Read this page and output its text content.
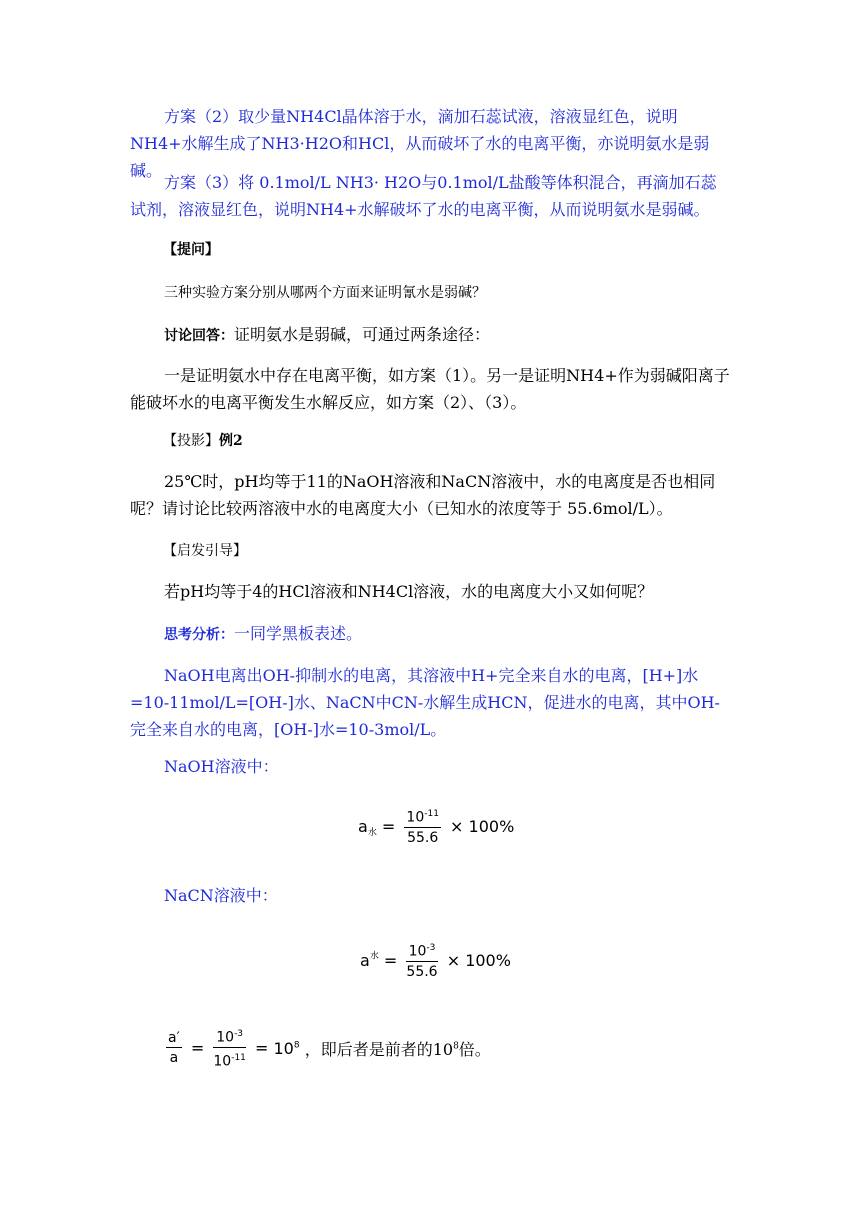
方案（2）取少量NH4Cl晶体溶于水，滴加石蕊试液，溶液显红色，说明NH4+水解生成了NH3·H2O和HCl，从而破坏了水的电离平衡，亦说明氨水是弱碱。

方案（3）将 0.1mol/L NH3· H2O与0.1mol/L盐酸等体积混合，再滴加石蕊试剂，溶液显红色，说明NH4+水解破坏了水的电离平衡，从而说明氨水是弱碱。

【提问】

三种实验方案分别从哪两个方面来证明氰水是弱碱？

讨论回答：证明氨水是弱碱，可通过两条途径：

一是证明氨水中存在电离平衡，如方案（1）。另一是证明NH4+作为弱碱阳离子能破坏水的电离平衡发生水解反应，如方案（2）、（3）。

【投影】例2

25℃时，pH均等于11的NaOH溶液和NaCN溶液中，水的电离度是否也相同呢？请讨论比较两溶液中水的电离度大小（已知水的浓度等于 55.6mol/L）。

【启发引导】

若pH均等于4的HCl溶液和NH4Cl溶液，水的电离度大小又如何呢？

思考分析：一同学黑板表述。

NaOH电离出OH-抑制水的电离，其溶液中H+完全来自水的电离，[H+]水=10-11mol/L=[OH-]水、NaCN中CN-水解生成HCN，促进水的电离，其中OH-完全来自水的电离，[OH-]水=10-3mol/L。

NaOH溶液中：

$a_水 = \frac{10^{-11}}{55.6} \times 100\%$

NaCN溶液中：

$a^水 = \frac{10^{-3}}{55.6} \times 100\%$
$\frac{a'}{a} = \frac{10^{-3}}{10^{-11}} = 10^8$ ，即后者是前者的$10^8$倍。
